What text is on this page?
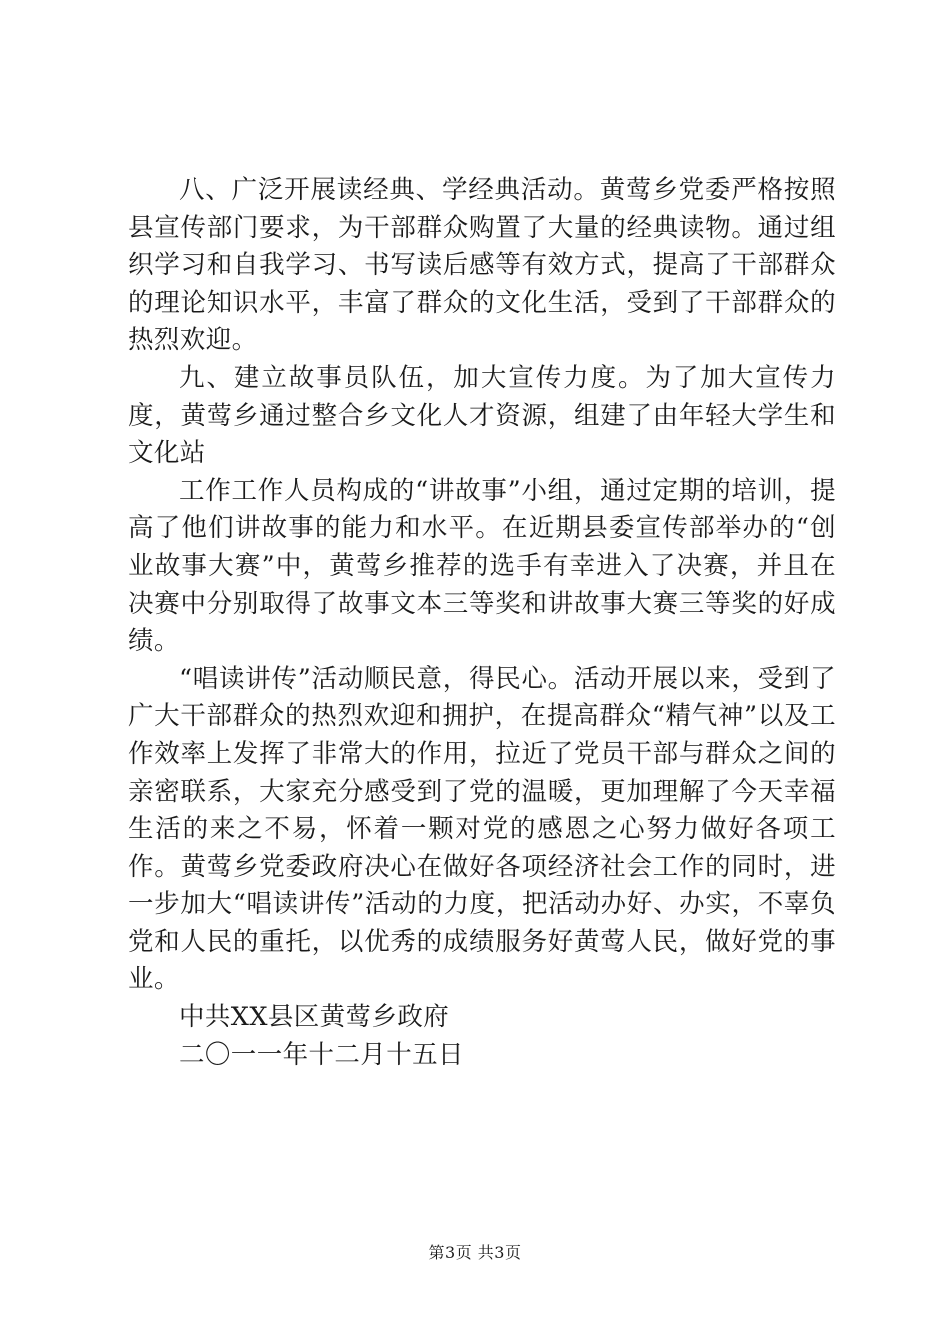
八、广泛开展读经典、学经典活动。黄莺乡党委严格按照县宣传部门要求，为干部群众购置了大量的经典读物。通过组织学习和自我学习、书写读后感等有效方式，提高了干部群众的理论知识水平，丰富了群众的文化生活，受到了干部群众的热烈欢迎。

九、建立故事员队伍，加大宣传力度。为了加大宣传力度，黄莺乡通过整合乡文化人才资源，组建了由年轻大学生和文化站

工作工作人员构成的“讲故事”小组，通过定期的培训，提高了他们讲故事的能力和水平。在近期县委宣传部举办的“创业故事大赛”中，黄莺乡推荐的选手有幸进入了决赛，并且在决赛中分别取得了故事文本三等奖和讲故事大赛三等奖的好成绩。

“唱读讲传”活动顺民意，得民心。活动开展以来，受到了广大干部群众的热烈欢迎和拥护，在提高群众“精气神”以及工作效率上发挥了非常大的作用，拉近了党员干部与群众之间的亲密联系，大家充分感受到了党的温暖，更加理解了今天幸福生活的来之不易，怀着一颗对党的感恩之心努力做好各项工作。黄莺乡党委政府决心在做好各项经济社会工作的同时，进一步加大“唱读讲传”活动的力度，把活动办好、办实，不辜负党和人民的重托，以优秀的成绩服务好黄莺人民，做好党的事业。

中共XX县区黄莺乡政府

二〇一一年十二月十五日

第3页 共3页
